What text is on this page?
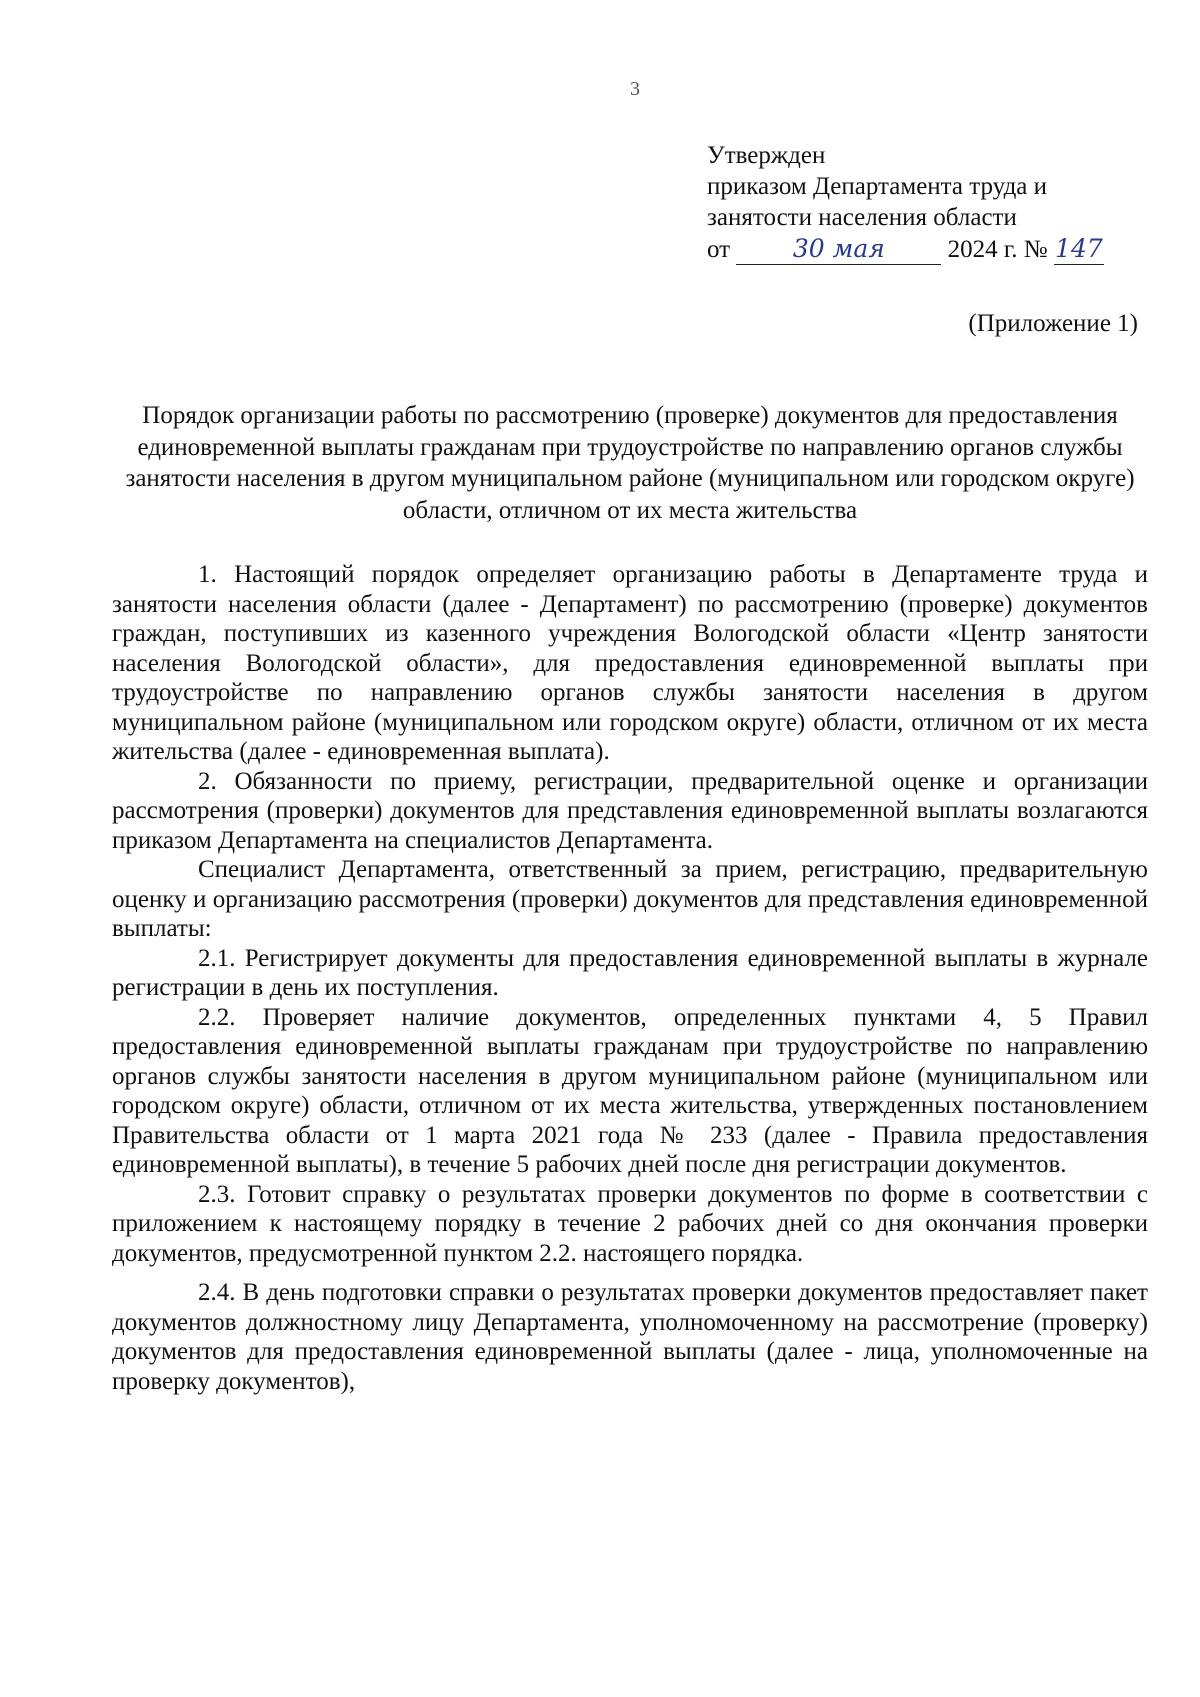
3
Утвержден
приказом Департамента труда и
занятости населения области
от	30 мая	2024 г. № 147
(Приложение 1)
Порядок организации работы по рассмотрению (проверке) документов для предоставления единовременной выплаты гражданам при трудоустройстве по направлению органов службы занятости населения в другом муниципальном районе (муниципальном или городском округе) области, отличном от их места жительства

1. Настоящий порядок определяет организацию работы в Департаменте труда и занятости населения области (далее - Департамент) по рассмотрению (проверке) документов граждан, поступивших из казенного учреждения Вологодской области «Центр занятости населения Вологодской области», для предоставления единовременной выплаты при трудоустройстве по направлению органов службы занятости населения в другом муниципальном районе (муниципальном или городском округе) области, отличном от их места жительства (далее - единовременная выплата).

2. Обязанности по приему, регистрации, предварительной оценке и организации рассмотрения (проверки) документов для представления единовременной выплаты возлагаются приказом Департамента на специалистов Департамента.

Специалист Департамента, ответственный за прием, регистрацию, предварительную оценку и организацию рассмотрения (проверки) документов для представления единовременной выплаты:

2.1. Регистрирует документы для предоставления единовременной выплаты в журнале регистрации в день их поступления.

2.2. Проверяет наличие документов, определенных пунктами 4, 5 Правил предоставления единовременной выплаты гражданам при трудоустройстве по направлению органов службы занятости населения в другом муниципальном районе (муниципальном или городском округе) области, отличном от их места жительства, утвержденных постановлением Правительства области от 1 марта 2021 года № 233 (далее - Правила предоставления единовременной выплаты), в течение 5 рабочих дней после дня регистрации документов.

2.3. Готовит справку о результатах проверки документов по форме в соответствии с приложением к настоящему порядку в течение 2 рабочих дней со дня окончания проверки документов, предусмотренной пунктом 2.2. настоящего порядка.

2.4. В день подготовки справки о результатах проверки документов предоставляет пакет документов должностному лицу Департамента, уполномоченному на рассмотрение (проверку) документов для предоставления единовременной выплаты (далее - лица, уполномоченные на проверку документов),
